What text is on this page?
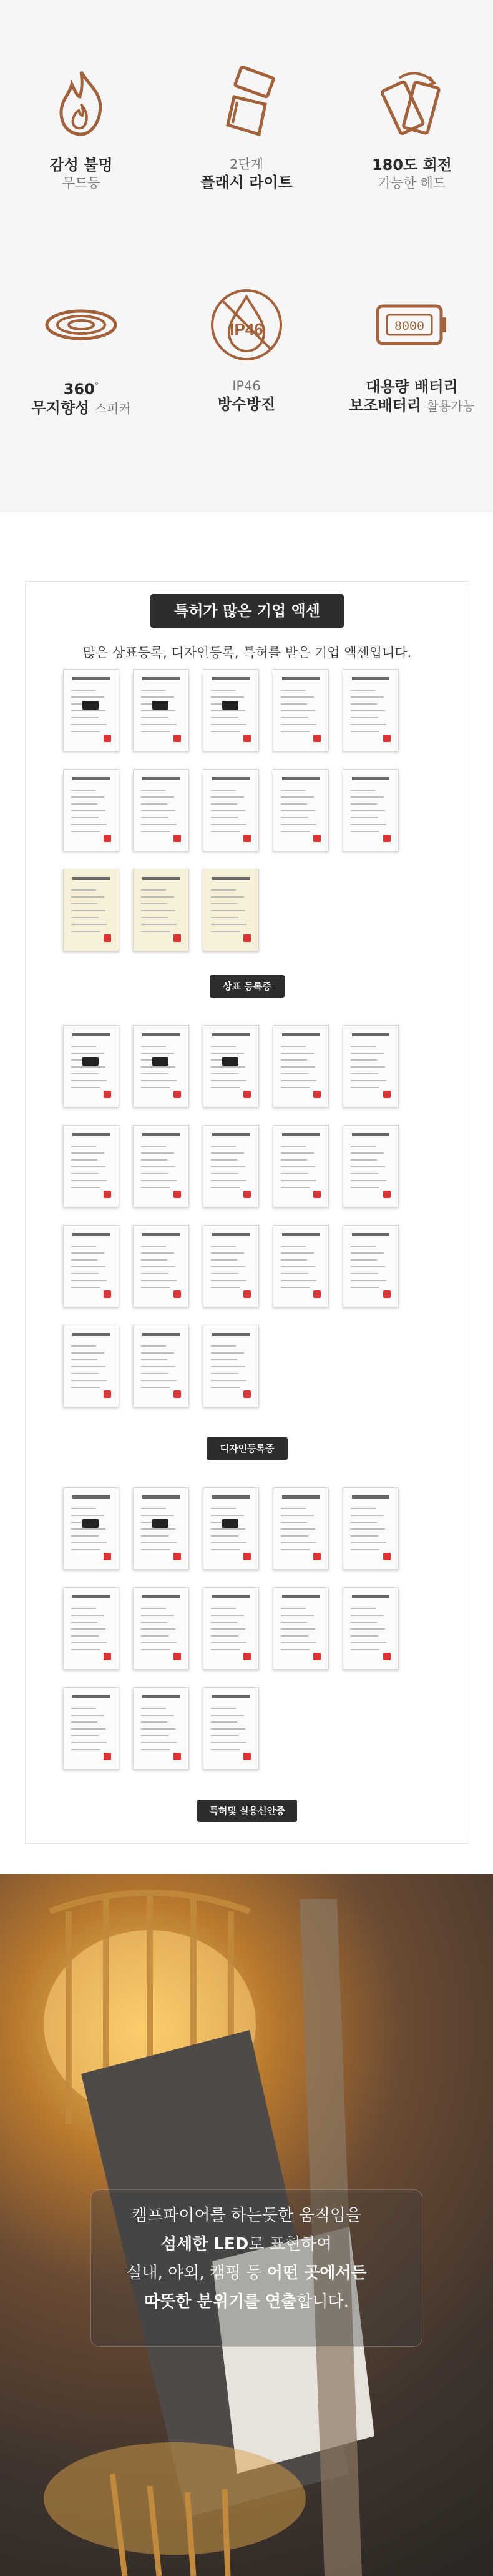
감성 불멍
무드등
2단계
플래시 라이트
180도 회전
가능한 헤드
360°
무지향성 스피커
IP46
IP46
방수방진
8000
대용량 배터리
보조배터리 활용가능
특허가 많은 기업 액센
많은 상표등록, 디자인등록, 특허를 받은 기업 액센입니다.
상표 등록증
디자인등록증
특허및 실용신안증
캠프파이어를 하는듯한 움직임을
섬세한 LED로 표현하여
실내, 야외, 캠핑 등 어떤 곳에서든
따뜻한 분위기를 연출합니다.
